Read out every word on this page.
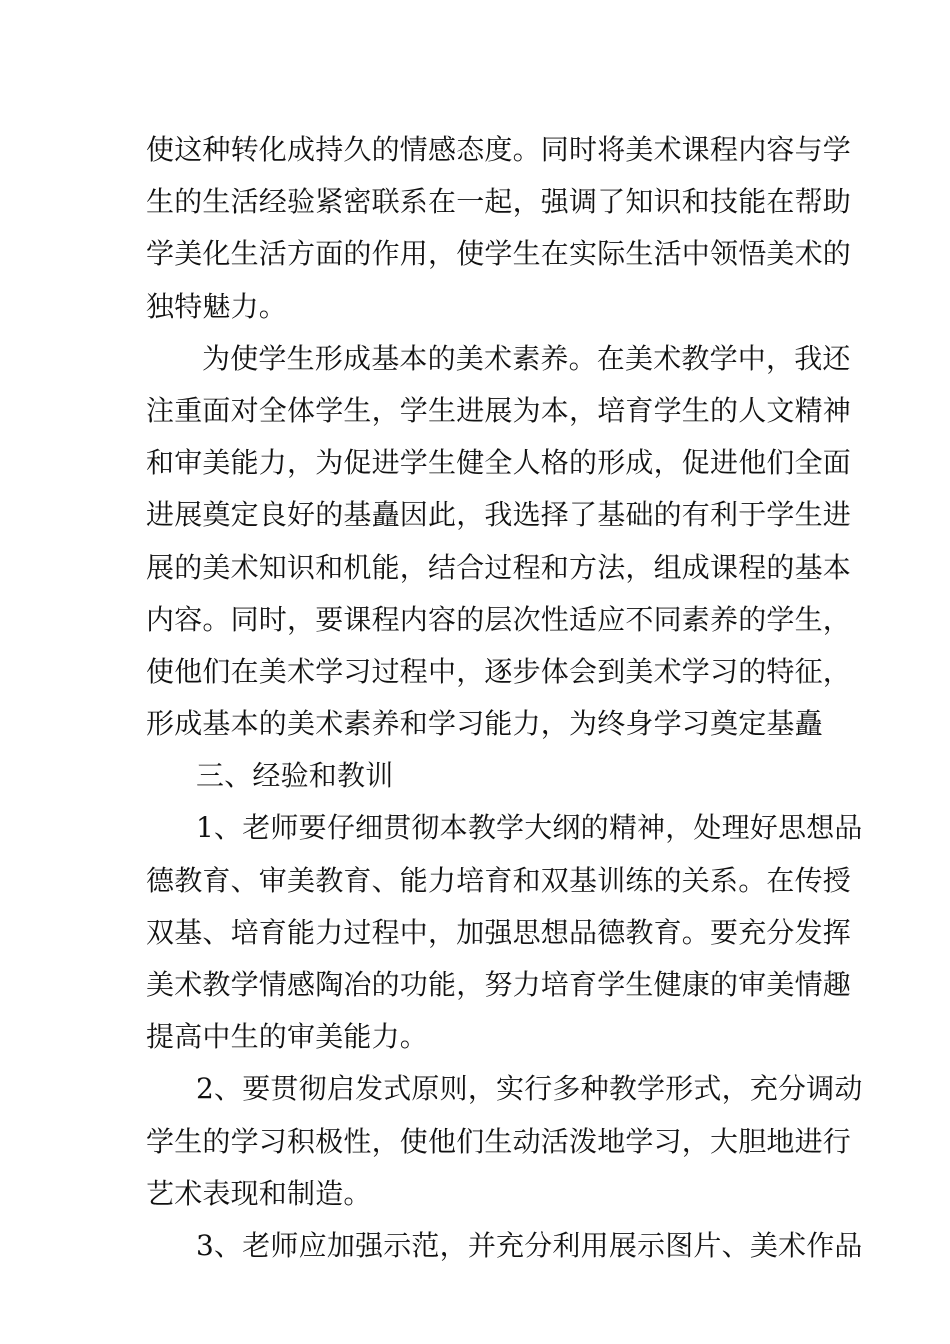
使这种转化成持久的情感态度。同时将美术课程内容与学
生的生活经验紧密联系在一起，强调了知识和技能在帮助
学美化生活方面的作用，使学生在实际生活中领悟美术的
独特魅力。
为使学生形成基本的美术素养。在美术教学中，我还
注重面对全体学生，学生进展为本，培育学生的人文精神
和审美能力，为促进学生健全人格的形成，促进他们全面
进展奠定良好的基矗因此，我选择了基础的有利于学生进
展的美术知识和机能，结合过程和方法，组成课程的基本
内容。同时，要课程内容的层次性适应不同素养的学生，
使他们在美术学习过程中，逐步体会到美术学习的特征，
形成基本的美术素养和学习能力，为终身学习奠定基矗
三、经验和教训
1、老师要仔细贯彻本教学大纲的精神，处理好思想品
德教育、审美教育、能力培育和双基训练的关系。在传授
双基、培育能力过程中，加强思想品德教育。要充分发挥
美术教学情感陶冶的功能，努力培育学生健康的审美情趣
提高中生的审美能力。
2、要贯彻启发式原则，实行多种教学形式，充分调动
学生的学习积极性，使他们生动活泼地学习，大胆地进行
艺术表现和制造。
3、老师应加强示范，并充分利用展示图片、美术作品
